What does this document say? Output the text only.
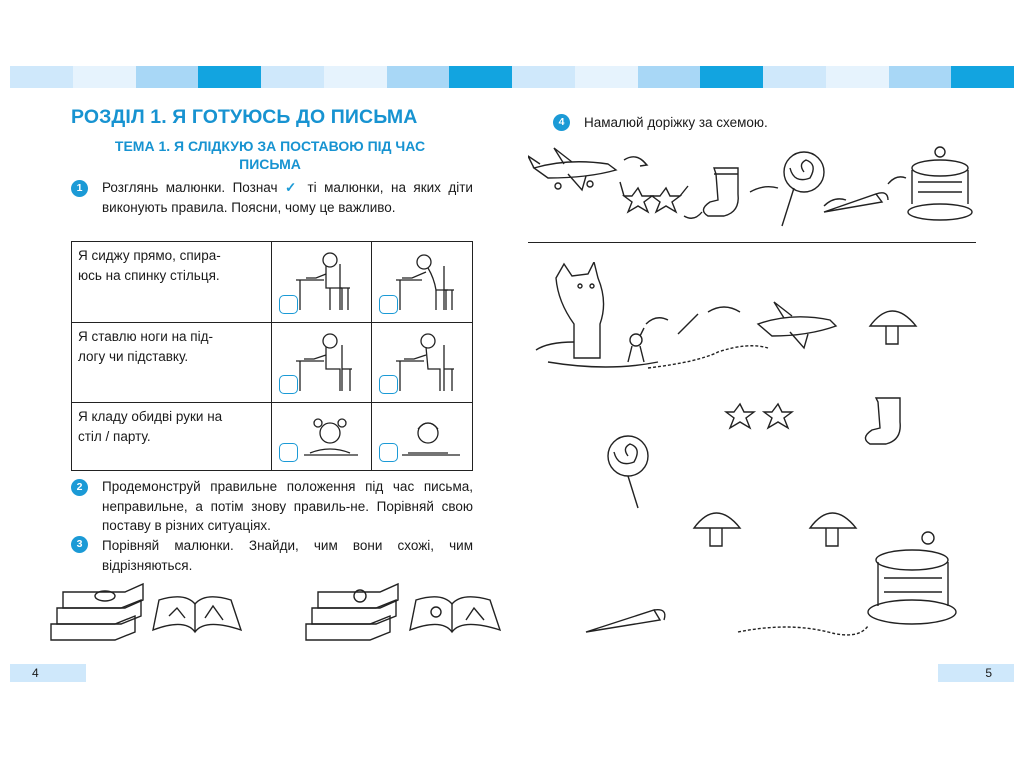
РОЗДІЛ 1. Я ГОТУЮСЬ ДО ПИСЬМА
ТЕМА 1. Я СЛІДКУЮ ЗА ПОСТАВОЮ ПІД ЧАС ПИСЬМА
1	Розглянь малюнки. Познач ✓ ті малюнки, на яких діти виконують правила. Поясни, чому це важливо.
Я сиджу прямо, спира-
юсь на спинку стільця.	

Я ставлю ноги на під-
логу чи підставку.	

Я кладу обидві руки на
стіл / парту.	

2	Продемонструй правильне положення під час письма, неправильне, а потім знову правиль-не. Порівняй свою поставу в різних ситуаціях.
3	Порівняй малюнки. Знайди, чим вони схожі, чим відрізняються.
4
4	Намалюй доріжку за схемою.
5
